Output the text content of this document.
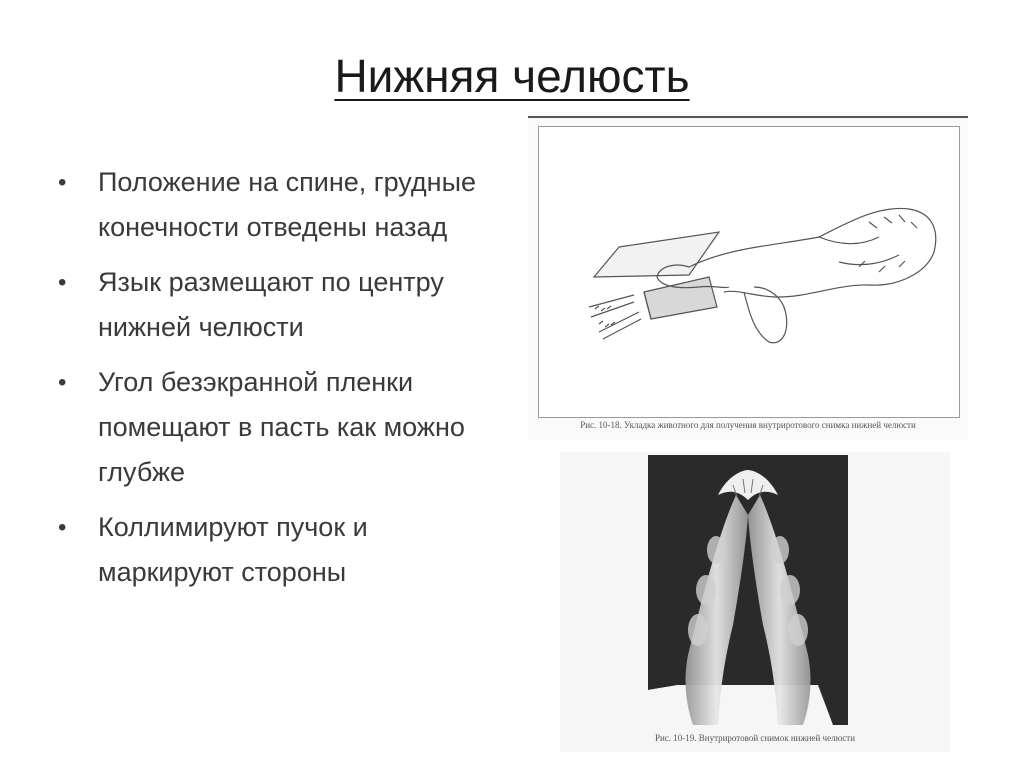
Нижняя челюсть
• Положение на спине, грудные конечности отведены назад
• Язык размещают по центру нижней челюсти
• Угол безэкранной пленки помещают в пасть как можно глубже
• Коллимируют пучок и маркируют стороны
Рис. 10-18. Укладка животного для получения внутриротового снимка нижней челюсти
Рис. 10-19. Внутриротовой снимок нижней челюсти
